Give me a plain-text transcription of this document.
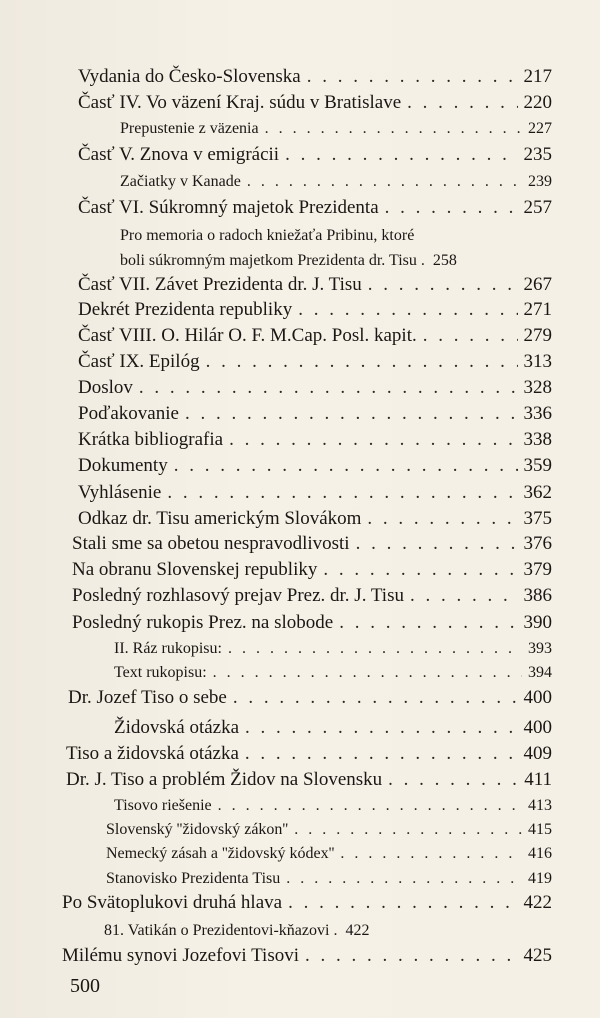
Vydania do Česko-Slovenska . . .	217
Časť IV. Vo väzení Kraj. súdu v Bratislave . . .	220
Prepustenie z väzenia . . .	227
Časť V. Znova v emigrácii . . .	235
Začiatky v Kanade . . .	239
Časť VI. Súkromný majetok Prezidenta . . .	257
Pro memoria o radoch kniežaťa Pribinu, ktoré
boli súkromným majetkom Prezidenta dr. Tisu . . . 258
Časť VII. Závet Prezidenta dr. J. Tisu . . .	267
Dekrét Prezidenta republiky . . .	271
Časť VIII. O. Hilár O. F. M.Cap. Posl. kapit. . . .	279
Časť IX. Epilóg . . .	313
Doslov . . .	328
Poďakovanie . . .	336
Krátka bibliografia . . .	338
Dokumenty . . .	359
Vyhlásenie . . .	362
Odkaz dr. Tisu americkým Slovákom . . .	375
Stali sme sa obetou nespravodlivosti . . .	376
Na obranu Slovenskej republiky . . .	379
Posledný rozhlasový prejav Prez. dr. J. Tisu . . .	386
Posledný rukopis Prez. na slobode . . .	390
II. Ráz rukopisu: . . .	393
Text rukopisu: . . .	394
Dr. Jozef Tiso o sebe . . .	400
Židovská otázka . . .	400
Tiso a židovská otázka . . .	409
Dr. J. Tiso a problém Židov na Slovensku . . .	411
Tisovo riešenie . . .	413
Slovenský ''židovský zákon'' . . .	415
Nemecký zásah a ''židovský kódex'' . . .	416
Stanovisko Prezidenta Tisu . . .	419
Po Svätoplukovi druhá hlava . . .	422
81. Vatikán o Prezidentovi-kňazovi . . . 422
Milému synovi Jozefovi Tisovi . . .	425
500
